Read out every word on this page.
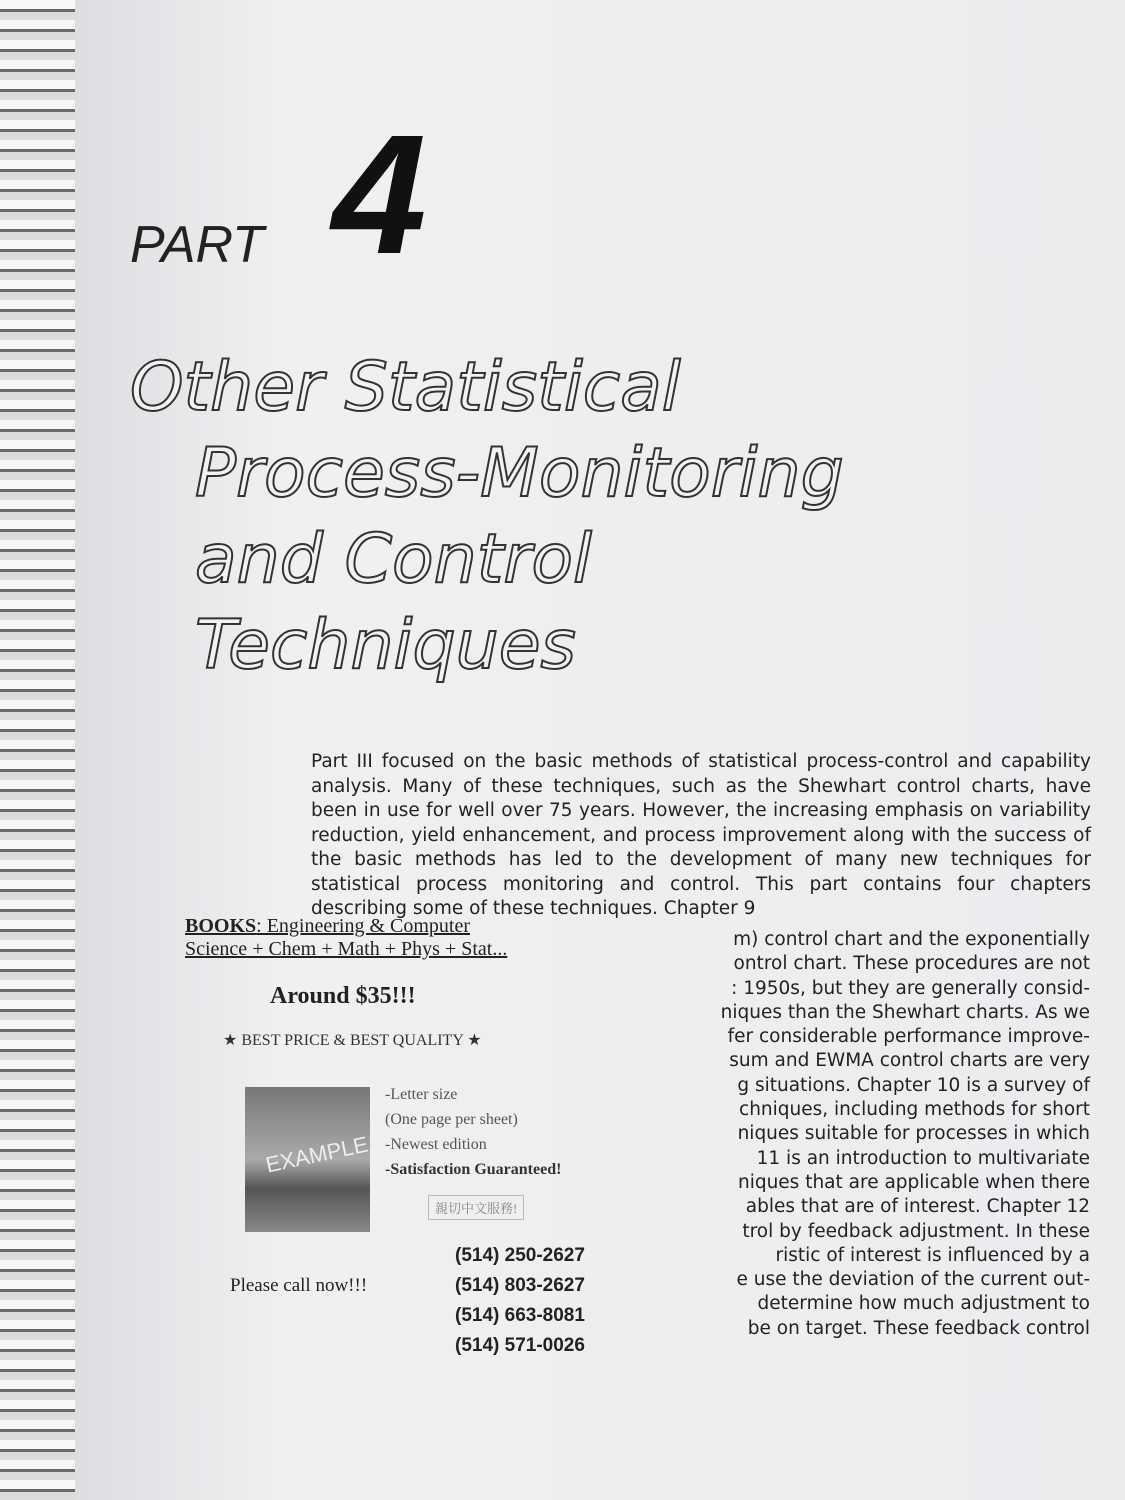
PART 4
Other Statistical
Process-Monitoring
and Control
Techniques
Part III focused on the basic methods of statistical process-control and capability analysis. Many of these techniques, such as the Shewhart control charts, have been in use for well over 75 years. However, the increasing emphasis on variability reduction, yield enhancement, and process improvement along with the success of the basic methods has led to the development of many new techniques for statistical process monitoring and control. This part contains four chapters describing some of these techniques. Chapter 9
m) control chart and the exponentially
ontrol chart. These procedures are not
: 1950s, but they are generally consid-
niques than the Shewhart charts. As we
fer considerable performance improve-
sum and EWMA control charts are very
g situations. Chapter 10 is a survey of
chniques, including methods for short
niques suitable for processes in which
11 is an introduction to multivariate
niques that are applicable when there
ables that are of interest. Chapter 12
trol by feedback adjustment. In these
ristic of interest is influenced by a
e use the deviation of the current out-
determine how much adjustment to
be on target. These feedback control
BOOKS: Engineering & Computer
Science + Chem + Math + Phys + Stat...
Around $35!!!
★ BEST PRICE & BEST QUALITY ★
EXAMPLE
-Letter size
(One page per sheet)
-Newest edition
-Satisfaction Guaranteed!
親切中文服務!
(514) 250-2627
Please call now!!!	(514) 803-2627
(514) 663-8081
(514) 571-0026
